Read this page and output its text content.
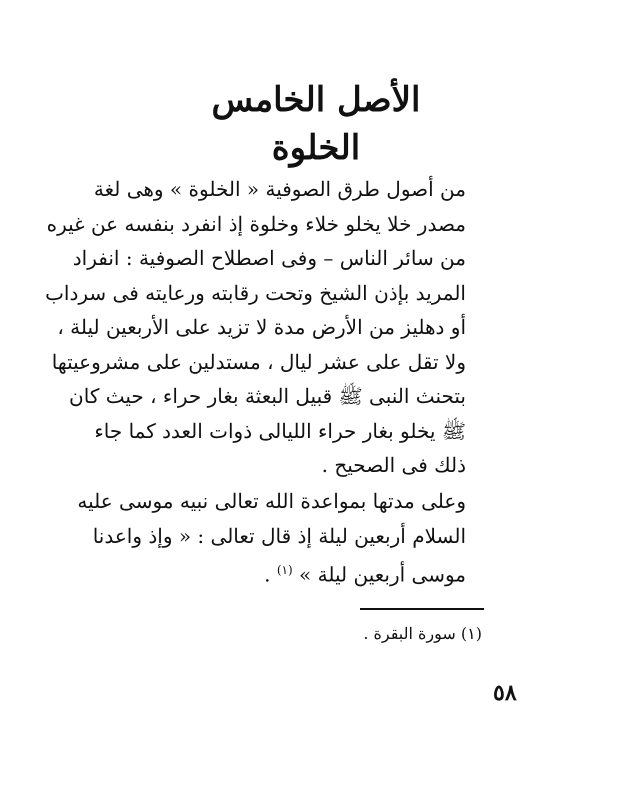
الأصل الخامس
الخلوة
من أصول طرق الصوفية « الخلوة » وهى لغة
مصدر خلا يخلو خلاء وخلوة إذ انفرد بنفسه عن غيره
من سائر الناس – وفى اصطلاح الصوفية : انفراد
المريد بإذن الشيخ وتحت رقابته ورعايته فى سرداب
أو دهليز من الأرض مدة لا تزيد على الأربعين ليلة ،
ولا تقل على عشر ليال ، مستدلين على مشروعيتها
بتحنث النبى ﷺ قبيل البعثة بغار حراء ، حيث كان
ﷺ يخلو بغار حراء الليالى ذوات العدد كما جاء
ذلك فى الصحيح .
وعلى مدتها بمواعدة الله تعالى نبيه موسى عليه
السلام أربعين ليلة إذ قال تعالى : « وإذ واعدنا
موسى أربعين ليلة » $^{(١)}$ .

(١) سورة البقرة .

٥٨
